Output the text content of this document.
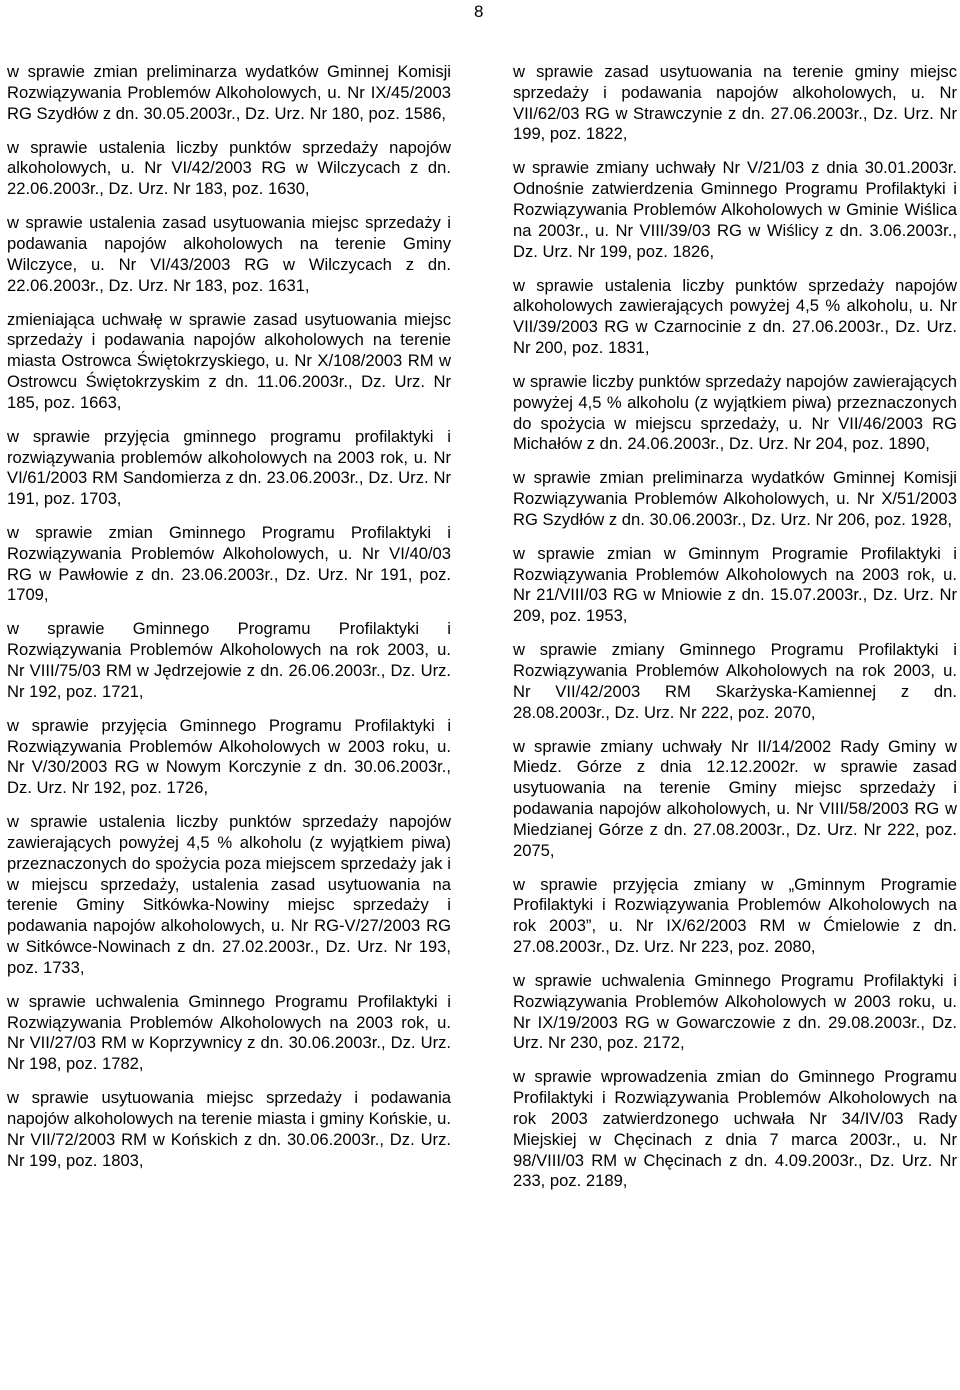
8

w sprawie zmian preliminarza wydatków Gminnej Komisji Rozwiązywania Problemów Alkoholowych, u. Nr IX/45/2003 RG Szydłów z dn. 30.05.2003r., Dz. Urz. Nr 180, poz. 1586,

w sprawie ustalenia liczby punktów sprzedaży napojów alkoholowych, u. Nr VI/42/2003 RG w Wilczycach z dn. 22.06.2003r., Dz. Urz. Nr 183, poz. 1630,

w sprawie ustalenia zasad usytuowania miejsc sprzedaży i podawania napojów alkoholowych na terenie Gminy Wilczyce, u. Nr VI/43/2003 RG w Wilczycach z dn. 22.06.2003r., Dz. Urz. Nr 183, poz. 1631,

zmieniająca uchwałę w sprawie zasad usytuowania miejsc sprzedaży i podawania napojów alkoholowych na terenie miasta Ostrowca Świętokrzyskiego, u. Nr X/108/2003 RM w Ostrowcu Świętokrzyskim z dn. 11.06.2003r., Dz. Urz. Nr 185, poz. 1663,

w sprawie przyjęcia gminnego programu profilaktyki i rozwiązywania problemów alkoholowych na 2003 rok, u. Nr VI/61/2003 RM Sandomierza z dn. 23.06.2003r., Dz. Urz. Nr 191, poz. 1703,

w sprawie zmian Gminnego Programu Profilaktyki i Rozwiązywania Problemów Alkoholowych, u. Nr VI/40/03 RG w Pawłowie z dn. 23.06.2003r., Dz. Urz. Nr 191, poz. 1709,

w sprawie Gminnego Programu Profilaktyki i Rozwiązywania Problemów Alkoholowych na rok 2003, u. Nr VIII/75/03 RM w Jędrzejowie z dn. 26.06.2003r., Dz. Urz. Nr 192, poz. 1721,

w sprawie przyjęcia Gminnego Programu Profilaktyki i Rozwiązywania Problemów Alkoholowych w 2003 roku, u. Nr V/30/2003 RG w Nowym Korczynie z dn. 30.06.2003r., Dz. Urz. Nr 192, poz. 1726,

w sprawie ustalenia liczby punktów sprzedaży napojów zawierających powyżej 4,5 % alkoholu (z wyjątkiem piwa) przeznaczonych do spożycia poza miejscem sprzedaży jak i w miejscu sprzedaży, ustalenia zasad usytuowania na terenie Gminy Sitkówka-Nowiny miejsc sprzedaży i podawania napojów alkoholowych, u. Nr RG-V/27/2003 RG w Sitkówce-Nowinach z dn. 27.02.2003r., Dz. Urz. Nr 193, poz. 1733,

w sprawie uchwalenia Gminnego Programu Profilaktyki i Rozwiązywania Problemów Alkoholowych na 2003 rok, u. Nr VII/27/03 RM w Koprzywnicy z dn. 30.06.2003r., Dz. Urz. Nr 198, poz. 1782,

w sprawie usytuowania miejsc sprzedaży i podawania napojów alkoholowych na terenie miasta i gminy Końskie, u. Nr VII/72/2003 RM w Końskich z dn. 30.06.2003r., Dz. Urz. Nr 199, poz. 1803,

w sprawie zasad usytuowania na terenie gminy miejsc sprzedaży i podawania napojów alkoholowych, u. Nr VII/62/03 RG w Strawczynie z dn. 27.06.2003r., Dz. Urz. Nr 199, poz. 1822,

w sprawie zmiany uchwały Nr V/21/03 z dnia 30.01.2003r. Odnośnie zatwierdzenia Gminnego Programu Profilaktyki i Rozwiązywania Problemów Alkoholowych w Gminie Wiślica na 2003r., u. Nr VIII/39/03 RG w Wiślicy z dn. 3.06.2003r., Dz. Urz. Nr 199, poz. 1826,

w sprawie ustalenia liczby punktów sprzedaży napojów alkoholowych zawierających powyżej 4,5 % alkoholu, u. Nr VII/39/2003 RG w Czarnocinie z dn. 27.06.2003r., Dz. Urz. Nr 200, poz. 1831,

w sprawie liczby punktów sprzedaży napojów zawierających powyżej 4,5 % alkoholu (z wyjątkiem piwa) przeznaczonych do spożycia w miejscu sprzedaży, u. Nr VII/46/2003 RG Michałów z dn. 24.06.2003r., Dz. Urz. Nr 204, poz. 1890,

w sprawie zmian preliminarza wydatków Gminnej Komisji Rozwiązywania Problemów Alkoholowych, u. Nr X/51/2003 RG Szydłów z dn. 30.06.2003r., Dz. Urz. Nr 206, poz. 1928,

w sprawie zmian w Gminnym Programie Profilaktyki i Rozwiązywania Problemów Alkoholowych na 2003 rok, u. Nr 21/VIII/03 RG w Mniowie z dn. 15.07.2003r., Dz. Urz. Nr 209, poz. 1953,

w sprawie zmiany Gminnego Programu Profilaktyki i Rozwiązywania Problemów Alkoholowych na rok 2003, u. Nr VII/42/2003 RM Skarżyska-Kamiennej z dn. 28.08.2003r., Dz. Urz. Nr 222, poz. 2070,

w sprawie zmiany uchwały Nr II/14/2002 Rady Gminy w Miedz. Górze z dnia 12.12.2002r. w sprawie zasad usytuowania na terenie Gminy miejsc sprzedaży i podawania napojów alkoholowych, u. Nr VIII/58/2003 RG w Miedzianej Górze z dn. 27.08.2003r., Dz. Urz. Nr 222, poz. 2075,

w sprawie przyjęcia zmiany w „Gminnym Programie Profilaktyki i Rozwiązywania Problemów Alkoholowych na rok 2003”, u. Nr IX/62/2003 RM w Ćmielowie z dn. 27.08.2003r., Dz. Urz. Nr 223, poz. 2080,

w sprawie uchwalenia Gminnego Programu Profilaktyki i Rozwiązywania Problemów Alkoholowych w 2003 roku, u. Nr IX/19/2003 RG w Gowarczowie z dn. 29.08.2003r., Dz. Urz. Nr 230, poz. 2172,

w sprawie wprowadzenia zmian do Gminnego Programu Profilaktyki i Rozwiązywania Problemów Alkoholowych na rok 2003 zatwierdzonego uchwała Nr 34/IV/03 Rady Miejskiej w Chęcinach z dnia 7 marca 2003r., u. Nr 98/VIII/03 RM w Chęcinach z dn. 4.09.2003r., Dz. Urz. Nr 233, poz. 2189,
